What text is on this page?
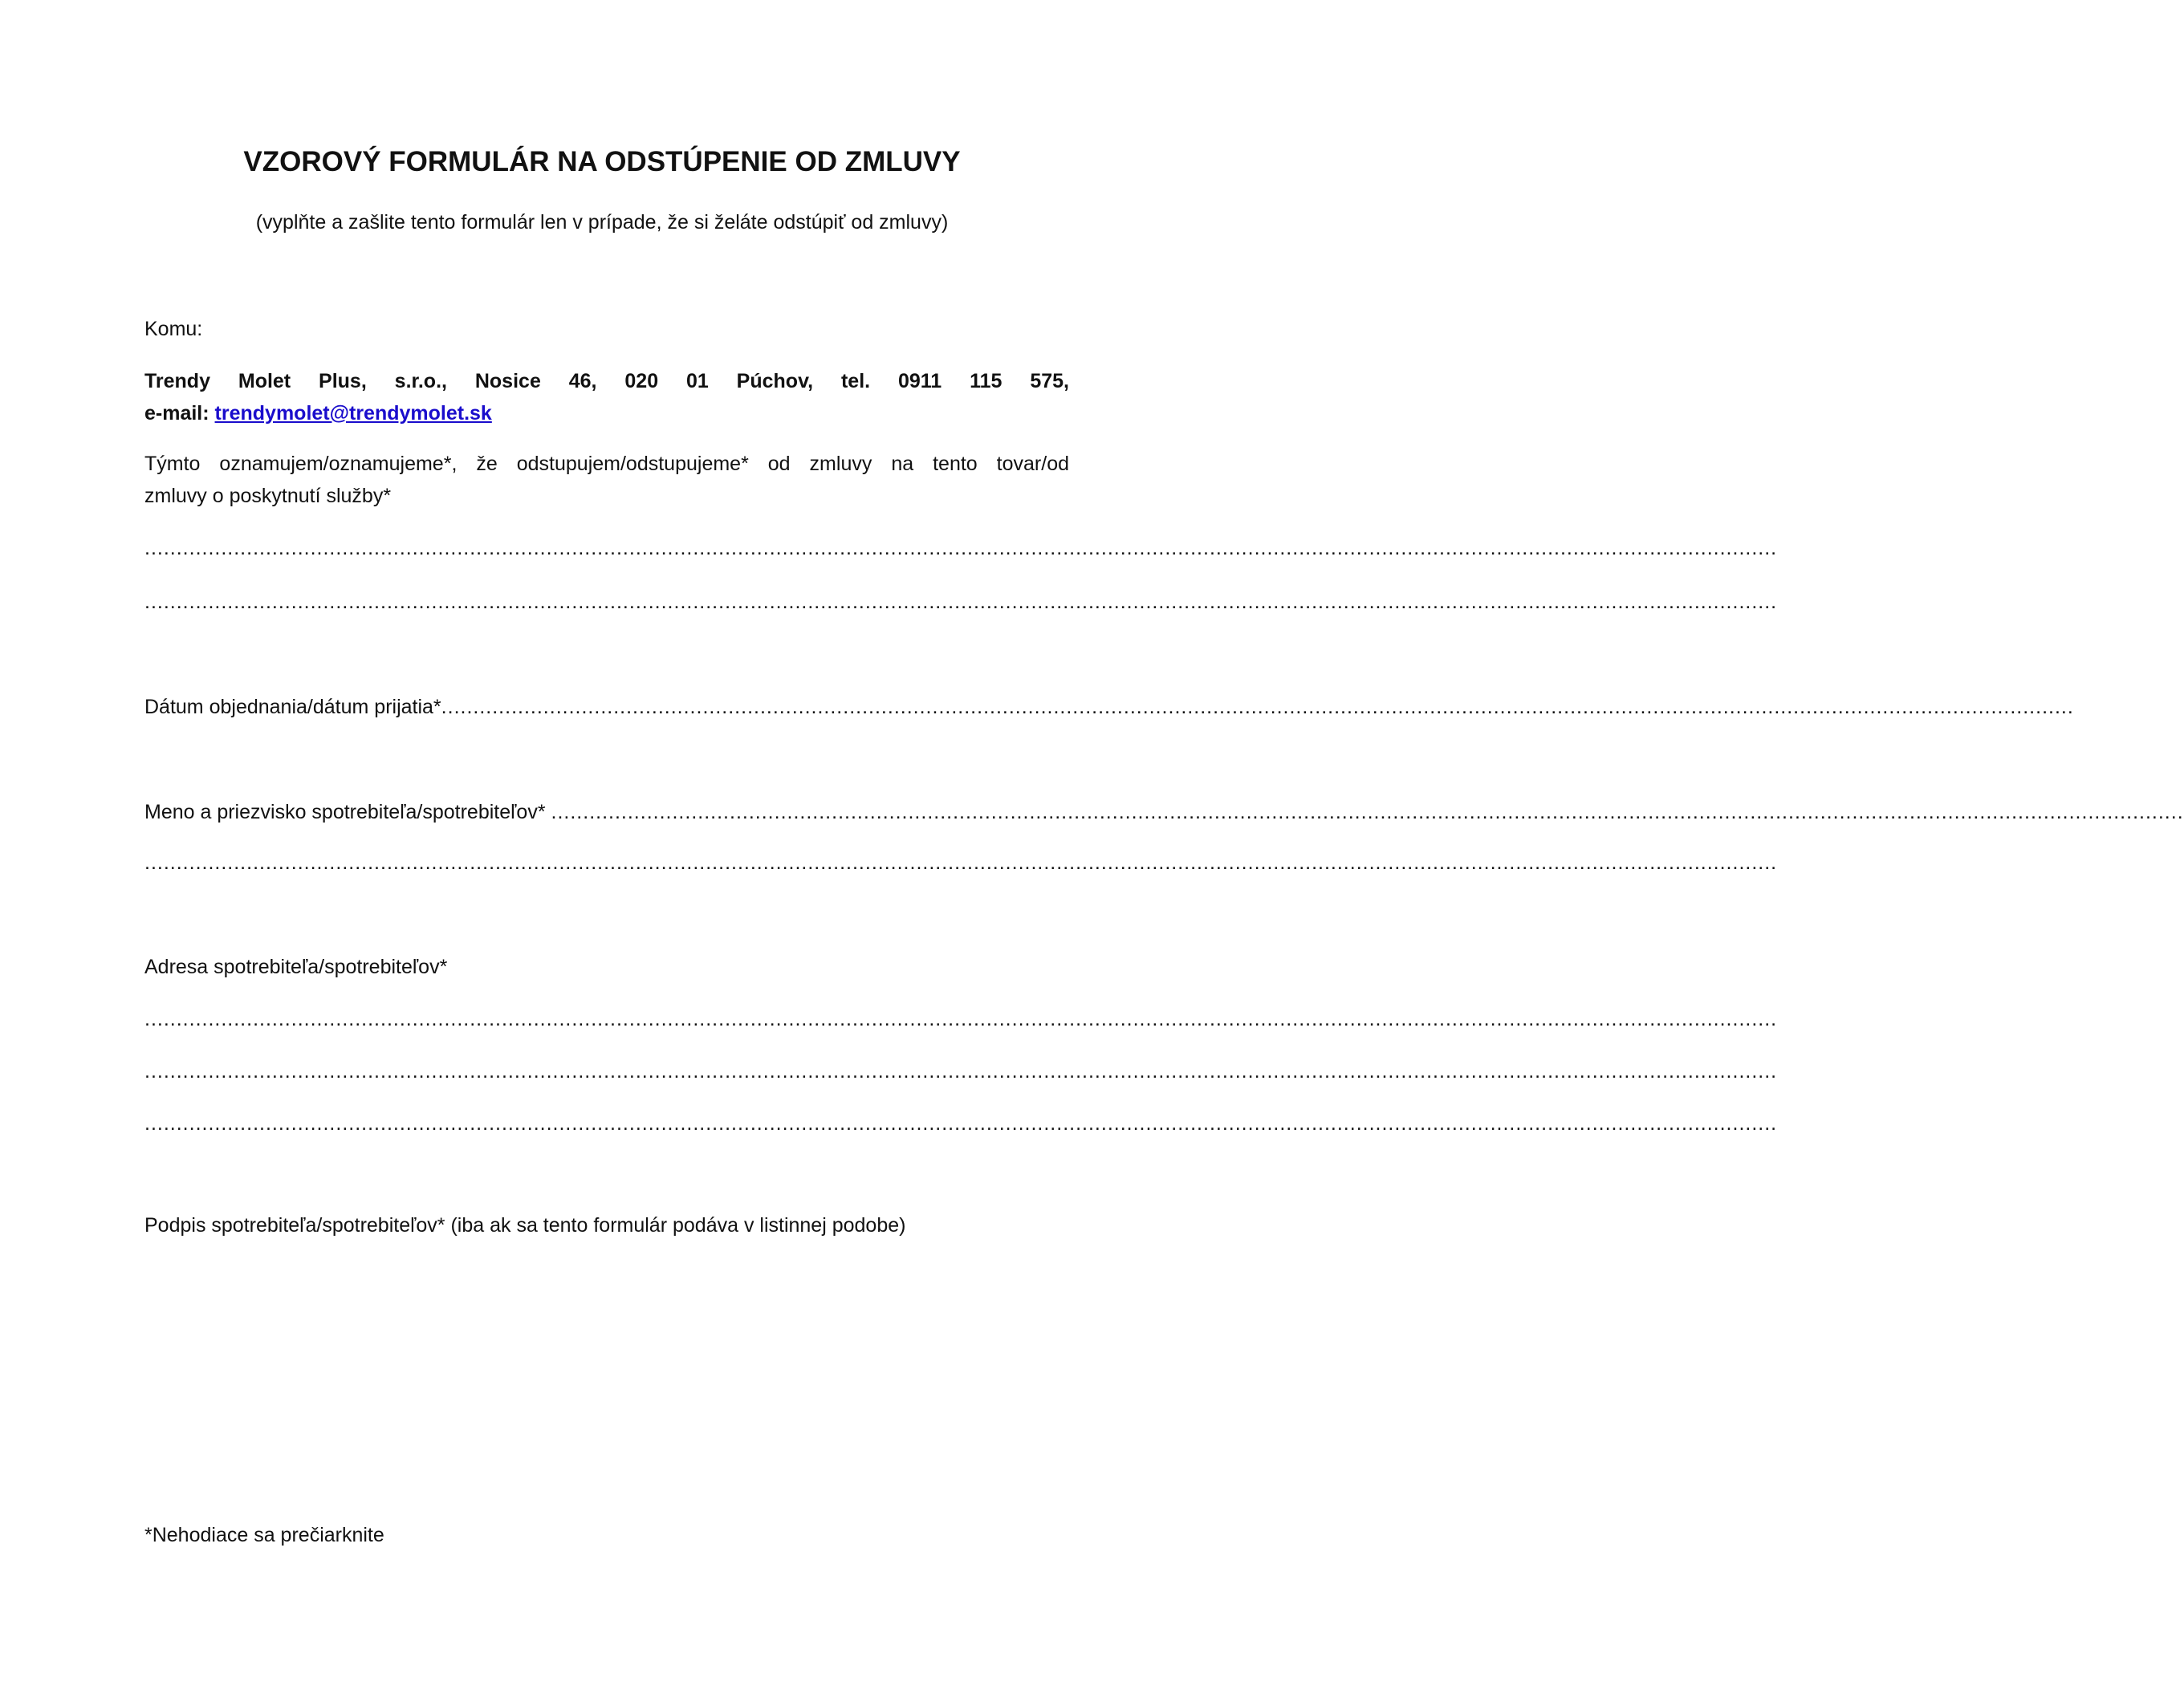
VZOROVÝ FORMULÁR NA ODSTÚPENIE OD ZMLUVY
(vyplňte a zašlite tento formulár len v prípade, že si želáte odstúpiť od zmluvy)
Komu:
Trendy Molet Plus, s.r.o., Nosice 46, 020 01 Púchov, tel. 0911 115 575,
e-mail: trendymolet@trendymolet.sk
Týmto oznamujem/oznamujeme*, že odstupujem/odstupujeme* od zmluvy na tento tovar/od
zmluvy o poskytnutí služby*
................................................................................................................................................................................................................................................................
................................................................................................................................................................................................................................................................
Dátum objednania/dátum prijatia*................................................................................................................................................................................................................................................................
Meno a priezvisko spotrebiteľa/spotrebiteľov* ................................................................................................................................................................................................................................................................
................................................................................................................................................................................................................................................................
Adresa spotrebiteľa/spotrebiteľov*
................................................................................................................................................................................................................................................................
................................................................................................................................................................................................................................................................
................................................................................................................................................................................................................................................................
Podpis spotrebiteľa/spotrebiteľov* (iba ak sa tento formulár podáva v listinnej podobe)
*Nehodiace sa prečiarknite
